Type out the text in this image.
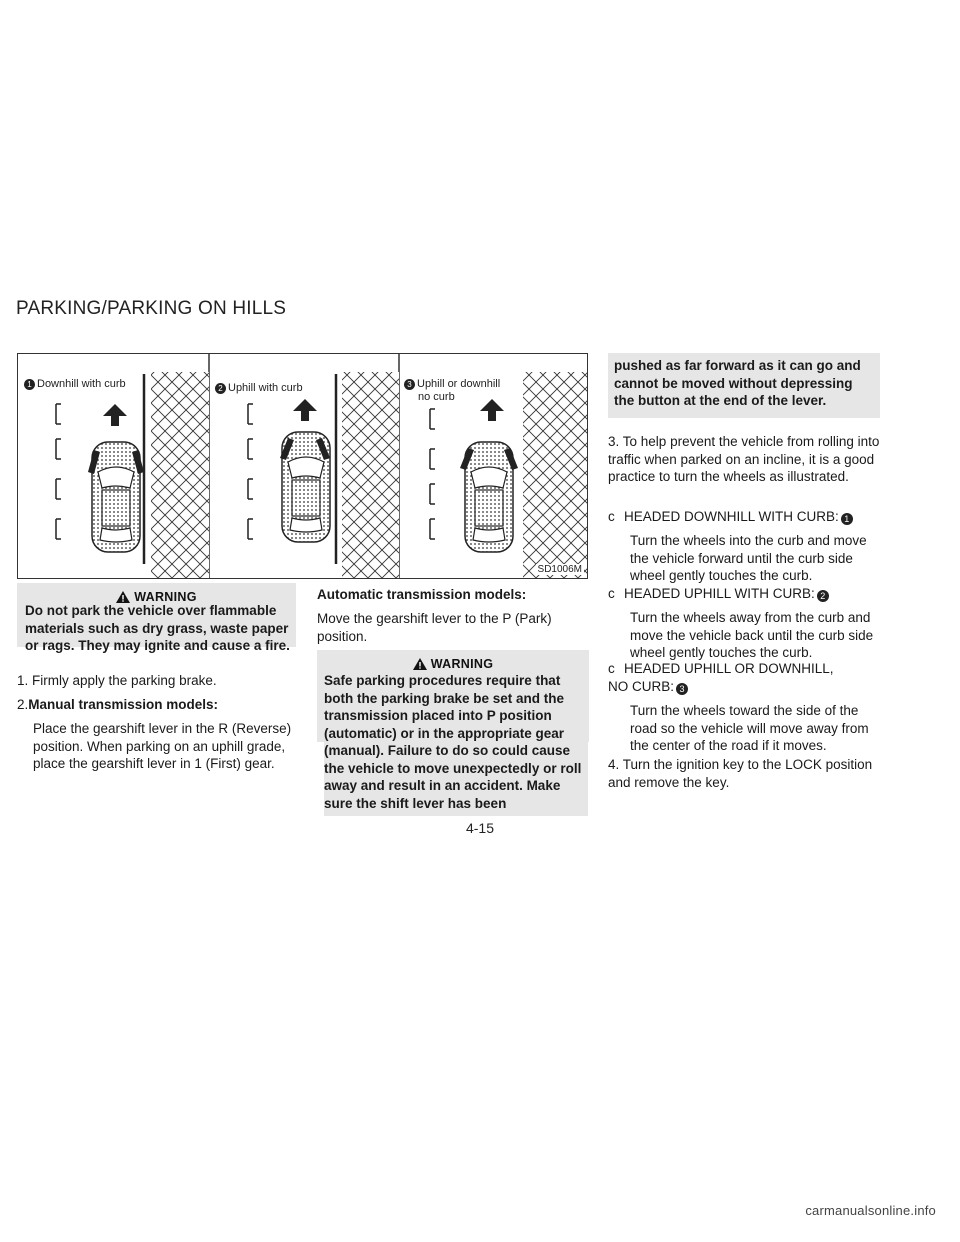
PARKING/PARKING ON HILLS
1 Downhill with curb	2 Uphill with curb	3 Uphill or downhill
no curb
SD1006M
WARNING
Do not park the vehicle over flammable materials such as dry grass, waste paper or rags. They may ignite and cause a fire.
1. Firmly apply the parking brake.
2.Manual transmission models:
Place the gearshift lever in the R (Reverse) position. When parking on an uphill grade, place the gearshift lever in 1 (First) gear.
Automatic transmission models:
Move the gearshift lever to the P (Park) position.
WARNING
Safe parking procedures require that both the parking brake be set and the transmission placed into P position (automatic) or in the appropriate gear (manual). Failure to do so could cause the vehicle to move unexpectedly or roll away and result in an accident. Make sure the shift lever has been
pushed as far forward as it can go and cannot be moved without depressing the button at the end of the lever.
3. To help prevent the vehicle from rolling into traffic when parked on an incline, it is a good practice to turn the wheels as illustrated.
c HEADED DOWNHILL WITH CURB: 1
Turn the wheels into the curb and move the vehicle forward until the curb side wheel gently touches the curb.
c HEADED UPHILL WITH CURB: 2
Turn the wheels away from the curb and move the vehicle back until the curb side wheel gently touches the curb.
c HEADED UPHILL OR DOWNHILL, NO CURB: 3
Turn the wheels toward the side of the road so the vehicle will move away from the center of the road if it moves.
4. Turn the ignition key to the LOCK position and remove the key.
4-15
carmanualsonline.info
